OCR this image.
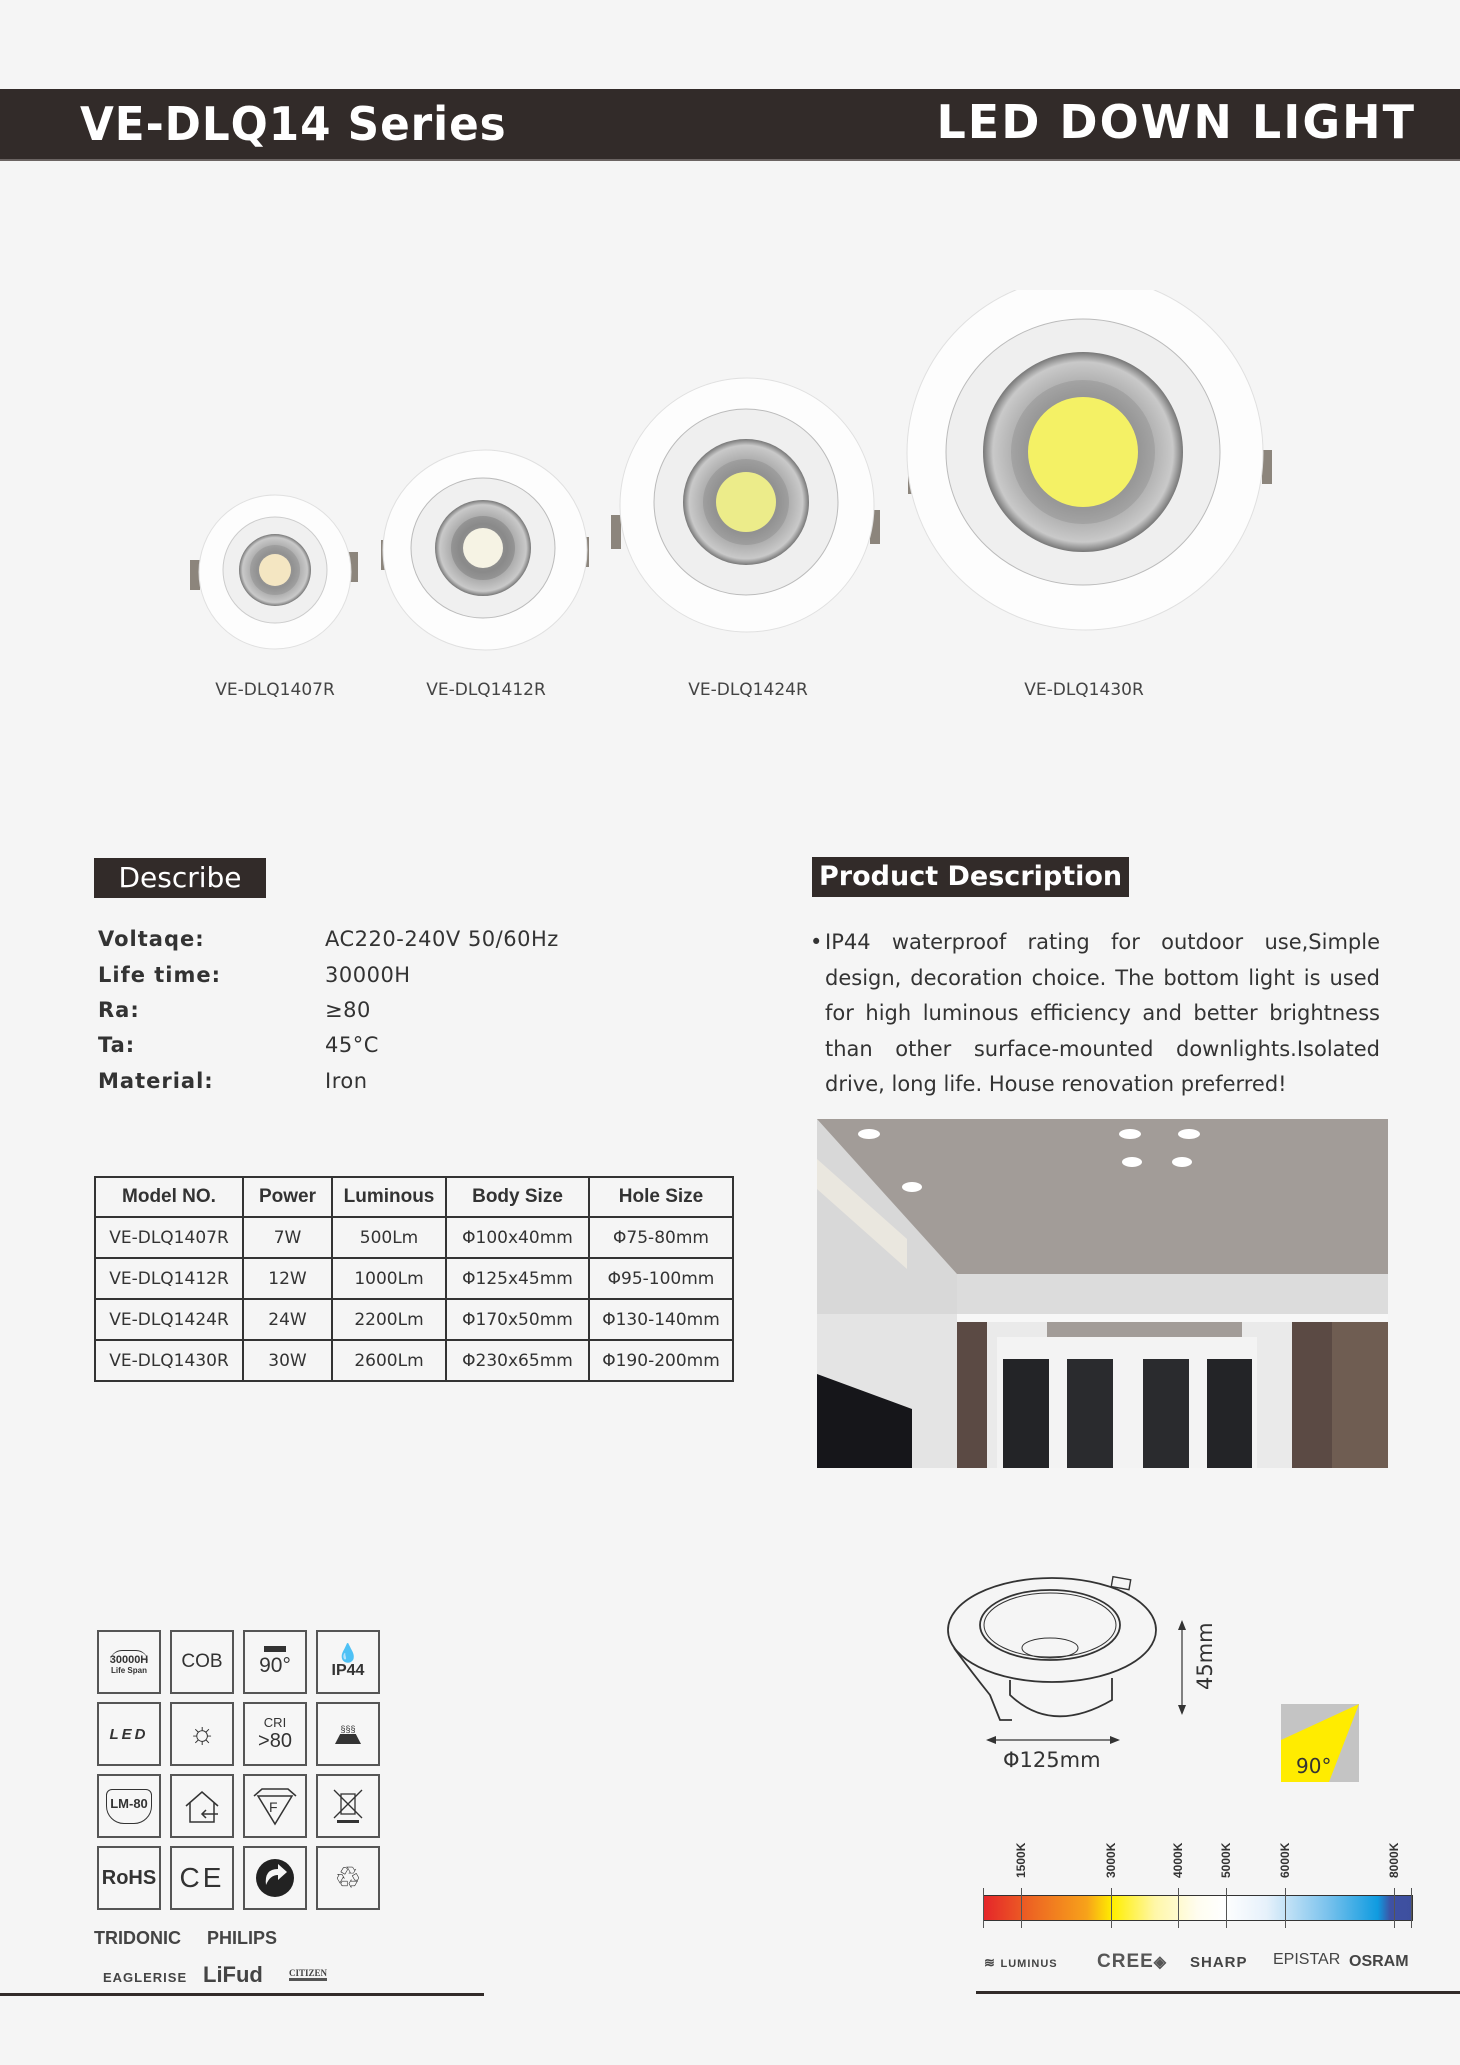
VE-DLQ14 Series	LED DOWN LIGHT
VE-DLQ1407R	VE-DLQ1412R	VE-DLQ1424R	VE-DLQ1430R
Describe
Voltaqe:	AC220-240V 50/60Hz
Life time:	30000H
Ra:	≥80
Ta:	45°C
Material:	Iron
Product Description
• IP44 waterproof rating for outdoor use,Simple design, decoration choice. The bottom light is used for high luminous efficiency and better brightness than other surface-mounted downlights.Isolated drive, long life. House renovation preferred!
Model NO.	Power	Luminous	Body Size	Hole Size
VE-DLQ1407R	7W	500Lm	Φ100x40mm	Φ75-80mm
VE-DLQ1412R	12W	1000Lm	Φ125x45mm	Φ95-100mm
VE-DLQ1424R	24W	2200Lm	Φ170x50mm	Φ130-140mm
VE-DLQ1430R	30W	2600Lm	Φ230x65mm	Φ190-200mm
30000H
Life Span	COB	90°
💧
IP44
LED	☼	CRI
>80
§§§
LM-80	F
RoHS CE	♲
TRIDONIC PHILIPS
EAGLERISE LiFud	CITIZEN
45mm
Φ125mm	90°
1500K	3000K	4000K	5000K	6000K	8000K
≋ LUMINUS CREE◈ SHARP EPISTAR OSRAM
